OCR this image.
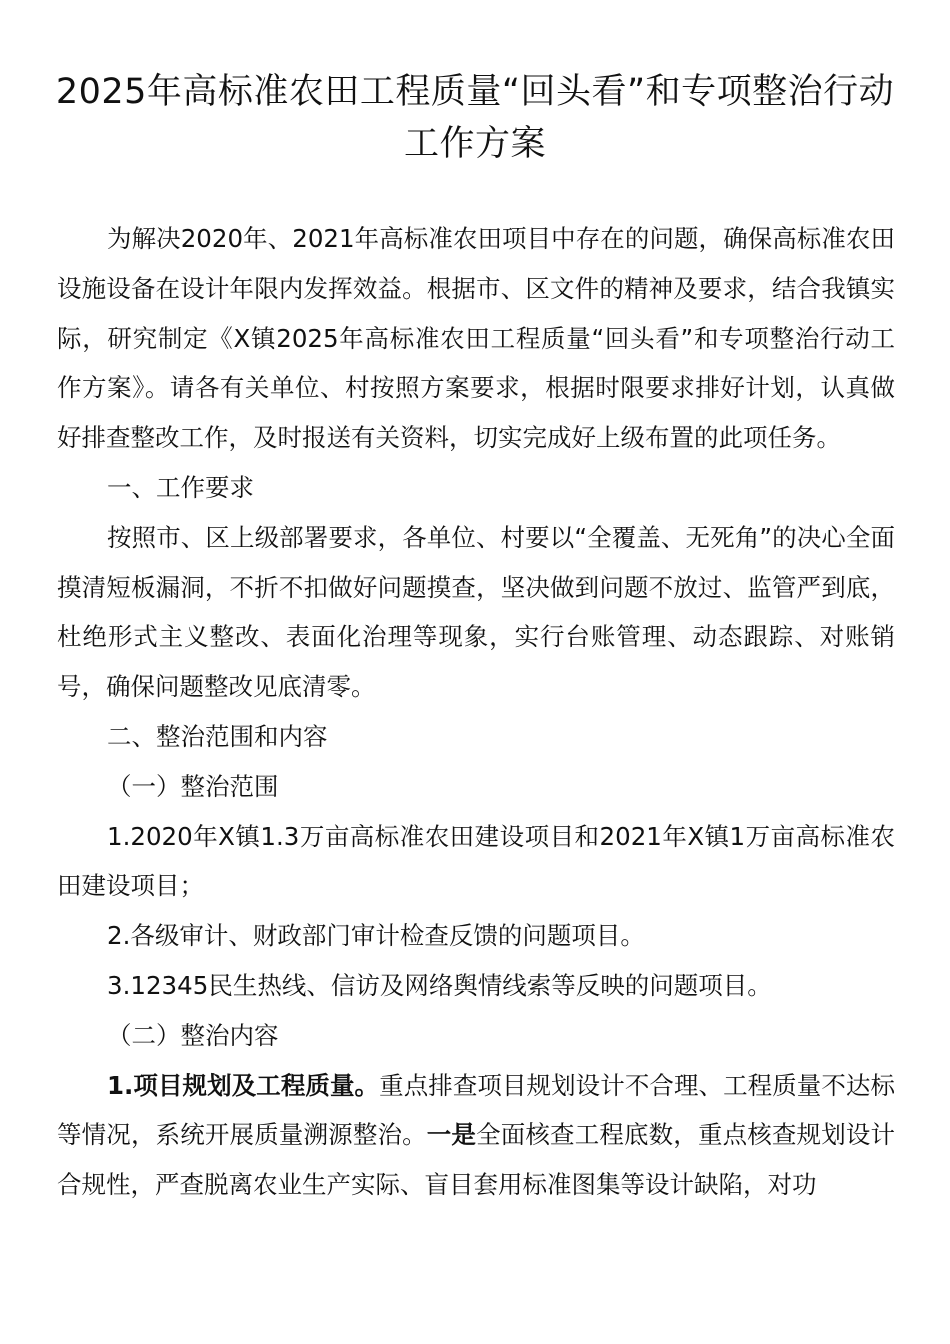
2025年高标准农田工程质量“回头看”和专项整治行动工作方案

为解决2020年、2021年高标准农田项目中存在的问题，确保高标准农田设施设备在设计年限内发挥效益。根据市、区文件的精神及要求，结合我镇实际，研究制定《X镇2025年高标准农田工程质量“回头看”和专项整治行动工作方案》。请各有关单位、村按照方案要求，根据时限要求排好计划，认真做好排查整改工作，及时报送有关资料，切实完成好上级布置的此项任务。

一、工作要求

按照市、区上级部署要求，各单位、村要以“全覆盖、无死角”的决心全面摸清短板漏洞，不折不扣做好问题摸查，坚决做到问题不放过、监管严到底，杜绝形式主义整改、表面化治理等现象，实行台账管理、动态跟踪、对账销号，确保问题整改见底清零。

二、整治范围和内容

（一）整治范围

1.2020年X镇1.3万亩高标准农田建设项目和2021年X镇1万亩高标准农田建设项目；

2.各级审计、财政部门审计检查反馈的问题项目。

3.12345民生热线、信访及网络舆情线索等反映的问题项目。

（二）整治内容

1.项目规划及工程质量。重点排查项目规划设计不合理、工程质量不达标等情况，系统开展质量溯源整治。一是全面核查工程底数，重点核查规划设计合规性，严查脱离农业生产实际、盲目套用标准图集等设计缺陷，对功
